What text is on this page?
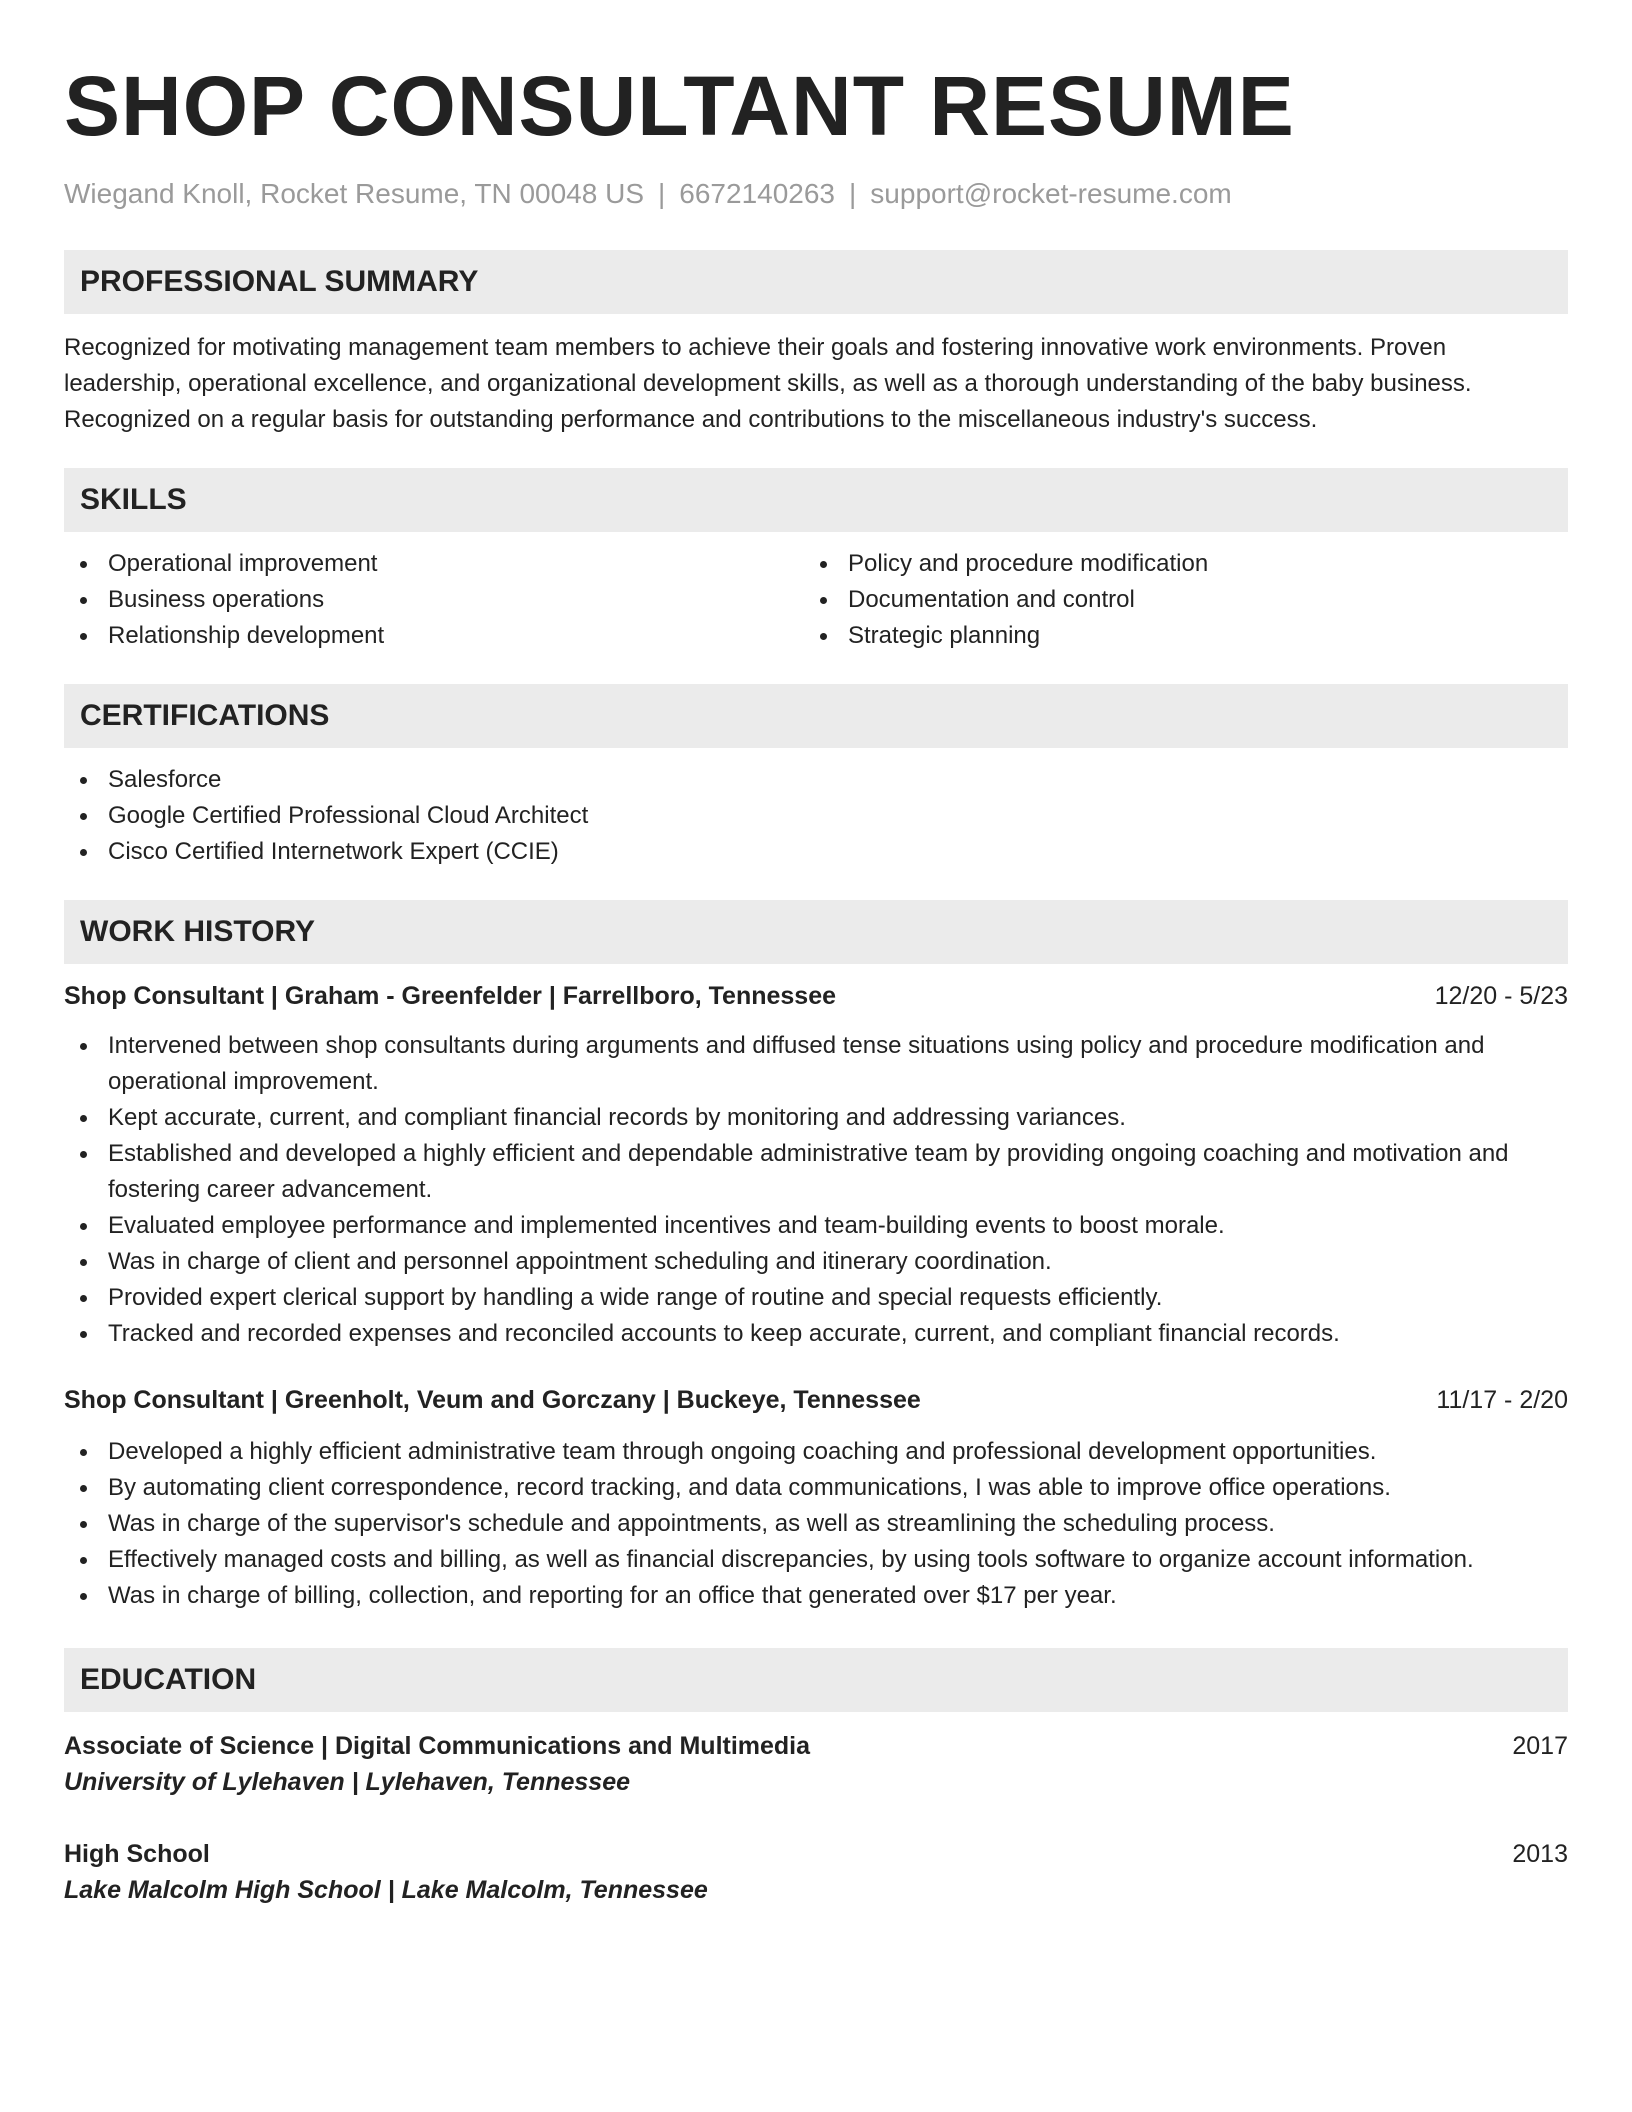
SHOP CONSULTANT RESUME
Wiegand Knoll, Rocket Resume, TN 00048 US | 6672140263 | support@rocket-resume.com
PROFESSIONAL SUMMARY

Recognized for motivating management team members to achieve their goals and fostering innovative work environments. Proven leadership, operational excellence, and organizational development skills, as well as a thorough understanding of the baby business. Recognized on a regular basis for outstanding performance and contributions to the miscellaneous industry's success.

SKILLS
Operational improvement
Business operations
Relationship development
Policy and procedure modification
Documentation and control
Strategic planning
CERTIFICATIONS
Salesforce
Google Certified Professional Cloud Architect
Cisco Certified Internetwork Expert (CCIE)
WORK HISTORY
Shop Consultant | Graham - Greenfelder | Farrellboro, Tennessee	12/20 - 5/23
Intervened between shop consultants during arguments and diffused tense situations using policy and procedure modification and operational improvement.
Kept accurate, current, and compliant financial records by monitoring and addressing variances.
Established and developed a highly efficient and dependable administrative team by providing ongoing coaching and motivation and fostering career advancement.
Evaluated employee performance and implemented incentives and team-building events to boost morale.
Was in charge of client and personnel appointment scheduling and itinerary coordination.
Provided expert clerical support by handling a wide range of routine and special requests efficiently.
Tracked and recorded expenses and reconciled accounts to keep accurate, current, and compliant financial records.
Shop Consultant | Greenholt, Veum and Gorczany | Buckeye, Tennessee	11/17 - 2/20
Developed a highly efficient administrative team through ongoing coaching and professional development opportunities.
By automating client correspondence, record tracking, and data communications, I was able to improve office operations.
Was in charge of the supervisor's schedule and appointments, as well as streamlining the scheduling process.
Effectively managed costs and billing, as well as financial discrepancies, by using tools software to organize account information.
Was in charge of billing, collection, and reporting for an office that generated over $17 per year.
EDUCATION
Associate of Science | Digital Communications and Multimedia	2017
University of Lylehaven | Lylehaven, Tennessee
High School	2013
Lake Malcolm High School | Lake Malcolm, Tennessee
